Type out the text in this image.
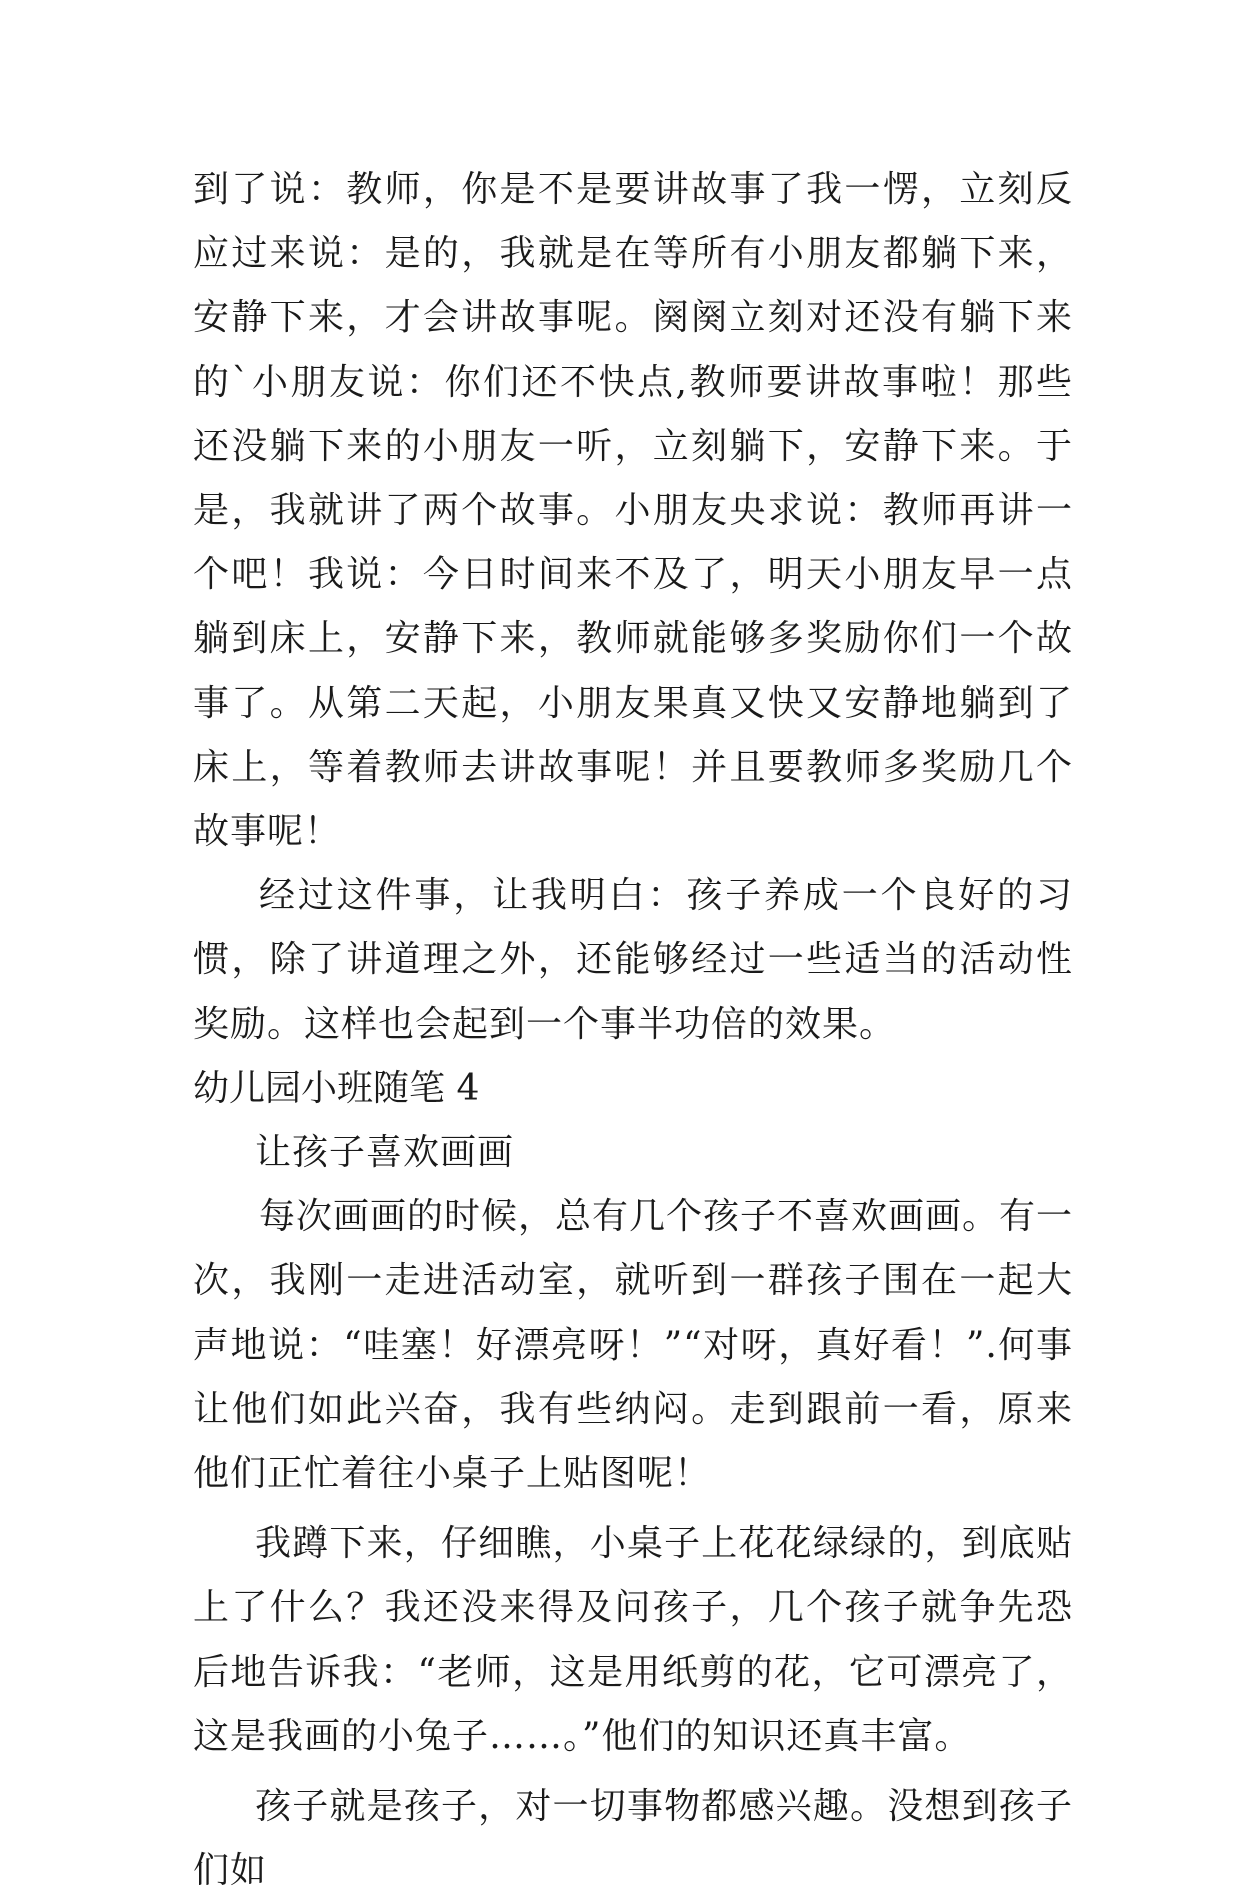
到了说：教师，你是不是要讲故事了我一愣，立刻反应过来说：是的，我就是在等所有小朋友都躺下来，安静下来，才会讲故事呢。阕阕立刻对还没有躺下来的`小朋友说：你们还不快点,教师要讲故事啦！那些还没躺下来的小朋友一听，立刻躺下，安静下来。于是，我就讲了两个故事。小朋友央求说：教师再讲一个吧！我说：今日时间来不及了，明天小朋友早一点躺到床上，安静下来，教师就能够多奖励你们一个故事了。从第二天起，小朋友果真又快又安静地躺到了床上，等着教师去讲故事呢！并且要教师多奖励几个故事呢！

经过这件事，让我明白：孩子养成一个良好的习惯，除了讲道理之外，还能够经过一些适当的活动性奖励。这样也会起到一个事半功倍的效果。

幼儿园小班随笔 4

让孩子喜欢画画

每次画画的时候，总有几个孩子不喜欢画画。有一次，我刚一走进活动室，就听到一群孩子围在一起大声地说：“哇塞！好漂亮呀！”“对呀，真好看！”.何事让他们如此兴奋，我有些纳闷。走到跟前一看，原来他们正忙着往小桌子上贴图呢！

我蹲下来，仔细瞧，小桌子上花花绿绿的，到底贴上了什么？我还没来得及问孩子，几个孩子就争先恐后地告诉我：“老师，这是用纸剪的花，它可漂亮了，这是我画的小兔子……。”他们的知识还真丰富。

孩子就是孩子，对一切事物都感兴趣。没想到孩子们如
